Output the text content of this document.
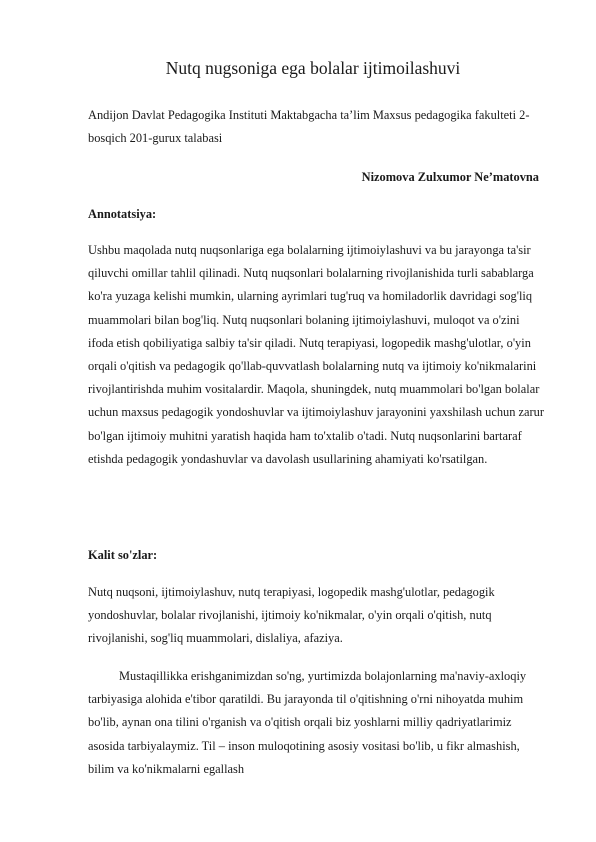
Nutq nugsoniga ega bolalar ijtimoilashuvi

Andijon Davlat Pedagogika Instituti Maktabgacha ta’lim Maxsus pedagogika fakulteti 2-bosqich 201-gurux talabasi

Nizomova Zulxumor Ne’matovna

Annotatsiya:

Ushbu maqolada nutq nuqsonlariga ega bolalarning ijtimoiylashuvi va bu jarayonga ta'sir qiluvchi omillar tahlil qilinadi. Nutq nuqsonlari bolalarning rivojlanishida turli sabablarga ko'ra yuzaga kelishi mumkin, ularning ayrimlari tug'ruq va homiladorlik davridagi sog'liq muammolari bilan bog'liq. Nutq nuqsonlari bolaning ijtimoiylashuvi, muloqot va o'zini ifoda etish qobiliyatiga salbiy ta'sir qiladi. Nutq terapiyasi, logopedik mashg'ulotlar, o'yin orqali o'qitish va pedagogik qo'llab-quvvatlash bolalarning nutq va ijtimoiy ko'nikmalarini rivojlantirishda muhim vositalardir. Maqola, shuningdek, nutq muammolari bo'lgan bolalar uchun maxsus pedagogik yondoshuvlar va ijtimoiylashuv jarayonini yaxshilash uchun zarur bo'lgan ijtimoiy muhitni yaratish haqida ham to'xtalib o'tadi. Nutq nuqsonlarini bartaraf etishda pedagogik yondashuvlar va davolash usullarining ahamiyati ko'rsatilgan.

Kalit so'zlar:

Nutq nuqsoni, ijtimoiylashuv, nutq terapiyasi, logopedik mashg'ulotlar, pedagogik yondoshuvlar, bolalar rivojlanishi, ijtimoiy ko'nikmalar, o'yin orqali o'qitish, nutq rivojlanishi, sog'liq muammolari, dislaliya, afaziya.

Mustaqillikka erishganimizdan so'ng, yurtimizda bolajonlarning ma'naviy-axloqiy tarbiyasiga alohida e'tibor qaratildi. Bu jarayonda til o'qitishning o'rni nihoyatda muhim bo'lib, aynan ona tilini o'rganish va o'qitish orqali biz yoshlarni milliy qadriyatlarimiz asosida tarbiyalaymiz. Til – inson muloqotining asosiy vositasi bo'lib, u fikr almashish, bilim va ko'nikmalarni egallash
